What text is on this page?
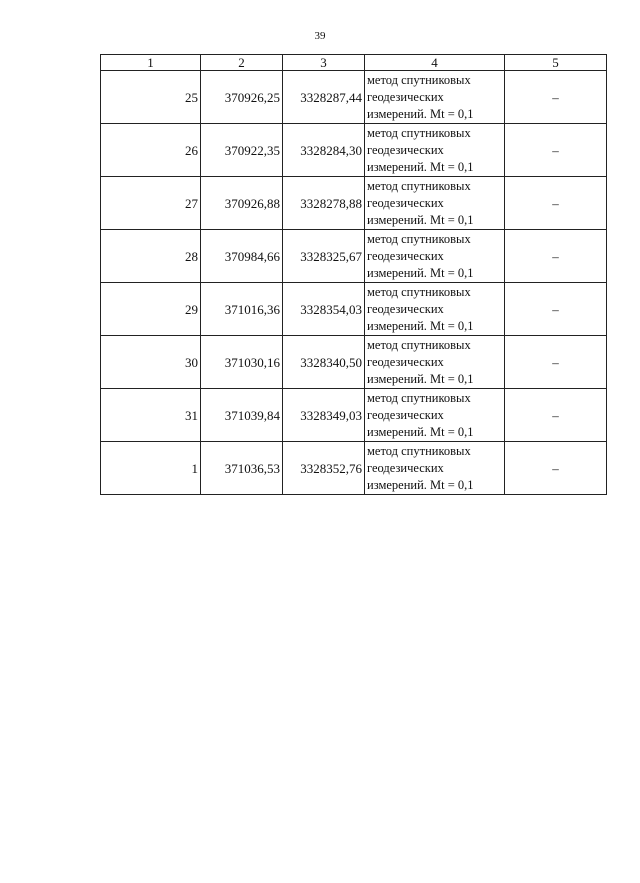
39
1	2	3	4	5
25	370926,25	3328287,44	метод спутниковых
геодезических
измерений. Mt = 0,1	–
26	370922,35	3328284,30	метод спутниковых
геодезических
измерений. Mt = 0,1	–
27	370926,88	3328278,88	метод спутниковых
геодезических
измерений. Mt = 0,1	–
28	370984,66	3328325,67	метод спутниковых
геодезических
измерений. Mt = 0,1	–
29	371016,36	3328354,03	метод спутниковых
геодезических
измерений. Mt = 0,1	–
30	371030,16	3328340,50	метод спутниковых
геодезических
измерений. Mt = 0,1	–
31	371039,84	3328349,03	метод спутниковых
геодезических
измерений. Mt = 0,1	–
1	371036,53	3328352,76	метод спутниковых
геодезических
измерений. Mt = 0,1	–
